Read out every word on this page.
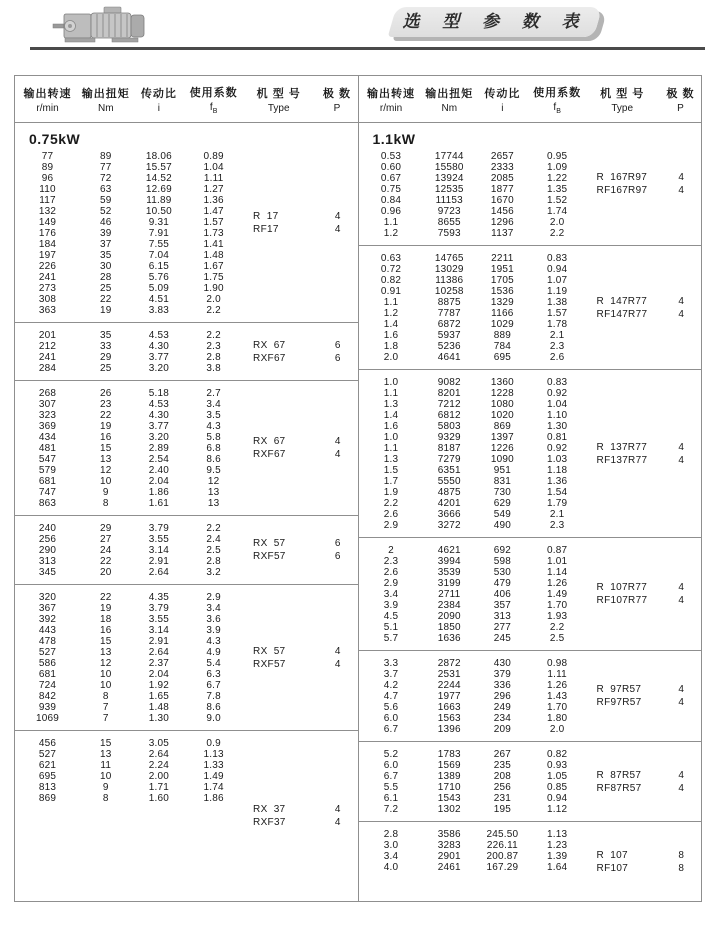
选 型 参 数 表
输出转速
r/min
输出扭矩
Nm
传动比
i
使用系数
$f_B$
机 型 号
Type
极 数
P
0.75kW
77	89	18.06	0.89
89	77	15.57	1.04
96	72	14.52	1.11
110	63	12.69	1.27
117	59	11.89	1.36
132	52	10.50	1.47
149	46	9.31	1.57
176	39	7.91	1.73
184	37	7.55	1.41
197	35	7.04	1.48
226	30	6.15	1.67
241	28	5.76	1.75
273	25	5.09	1.90
308	22	4.51	2.0
363	19	3.83	2.2
R  17	4
RF17	4
201	35	4.53	2.2
212	33	4.30	2.3
241	29	3.77	2.8
284	25	3.20	3.8
RX  67	6
RXF67	6
268	26	5.18	2.7
307	23	4.53	3.4
323	22	4.30	3.5
369	19	3.77	4.3
434	16	3.20	5.8
481	15	2.89	6.8
547	13	2.54	8.6
579	12	2.40	9.5
681	10	2.04	12
747	9	1.86	13
863	8	1.61	13
RX  67	4
RXF67	4
240	29	3.79	2.2
256	27	3.55	2.4
290	24	3.14	2.5
313	22	2.91	2.8
345	20	2.64	3.2
RX  57	6
RXF57	6
320	22	4.35	2.9
367	19	3.79	3.4
392	18	3.55	3.6
443	16	3.14	3.9
478	15	2.91	4.3
527	13	2.64	4.9
586	12	2.37	5.4
681	10	2.04	6.3
724	10	1.92	6.7
842	8	1.65	7.8
939	7	1.48	8.6
1069	7	1.30	9.0
RX  57	4
RXF57	4
456	15	3.05	0.9
527	13	2.64	1.13
621	11	2.24	1.33
695	10	2.00	1.49
813	9	1.71	1.74
869	8	1.60	1.86
RX  37	4
RXF37	4
输出转速
r/min
输出扭矩
Nm
传动比
i
使用系数
$f_B$
机 型 号
Type
极 数
P
1.1kW
0.53	17744	2657	0.95
0.60	15580	2333	1.09
0.67	13924	2085	1.22
0.75	12535	1877	1.35
0.84	11153	1670	1.52
0.96	9723	1456	1.74
1.1	8655	1296	2.0
1.2	7593	1137	2.2
R  167R97	4
RF167R97	4
0.63	14765	2211	0.83
0.72	13029	1951	0.94
0.82	11386	1705	1.07
0.91	10258	1536	1.19
1.1	8875	1329	1.38
1.2	7787	1166	1.57
1.4	6872	1029	1.78
1.6	5937	889	2.1
1.8	5236	784	2.3
2.0	4641	695	2.6
R  147R77	4
RF147R77	4
1.0	9082	1360	0.83
1.1	8201	1228	0.92
1.3	7212	1080	1.04
1.4	6812	1020	1.10
1.6	5803	869	1.30
1.0	9329	1397	0.81
1.1	8187	1226	0.92
1.3	7279	1090	1.03
1.5	6351	951	1.18
1.7	5550	831	1.36
1.9	4875	730	1.54
2.2	4201	629	1.79
2.6	3666	549	2.1
2.9	3272	490	2.3
R  137R77	4
RF137R77	4
2	4621	692	0.87
2.3	3994	598	1.01
2.6	3539	530	1.14
2.9	3199	479	1.26
3.4	2711	406	1.49
3.9	2384	357	1.70
4.5	2090	313	1.93
5.1	1850	277	2.2
5.7	1636	245	2.5
R  107R77	4
RF107R77	4
3.3	2872	430	0.98
3.7	2531	379	1.11
4.2	2244	336	1.26
4.7	1977	296	1.43
5.6	1663	249	1.70
6.0	1563	234	1.80
6.7	1396	209	2.0
R  97R57	4
RF97R57	4
5.2	1783	267	0.82
6.0	1569	235	0.93
6.7	1389	208	1.05
5.5	1710	256	0.85
6.1	1543	231	0.94
7.2	1302	195	1.12
R  87R57	4
RF87R57	4
2.8	3586	245.50	1.13
3.0	3283	226.11	1.23
3.4	2901	200.87	1.39
4.0	2461	167.29	1.64
R  107	8
RF107	8
